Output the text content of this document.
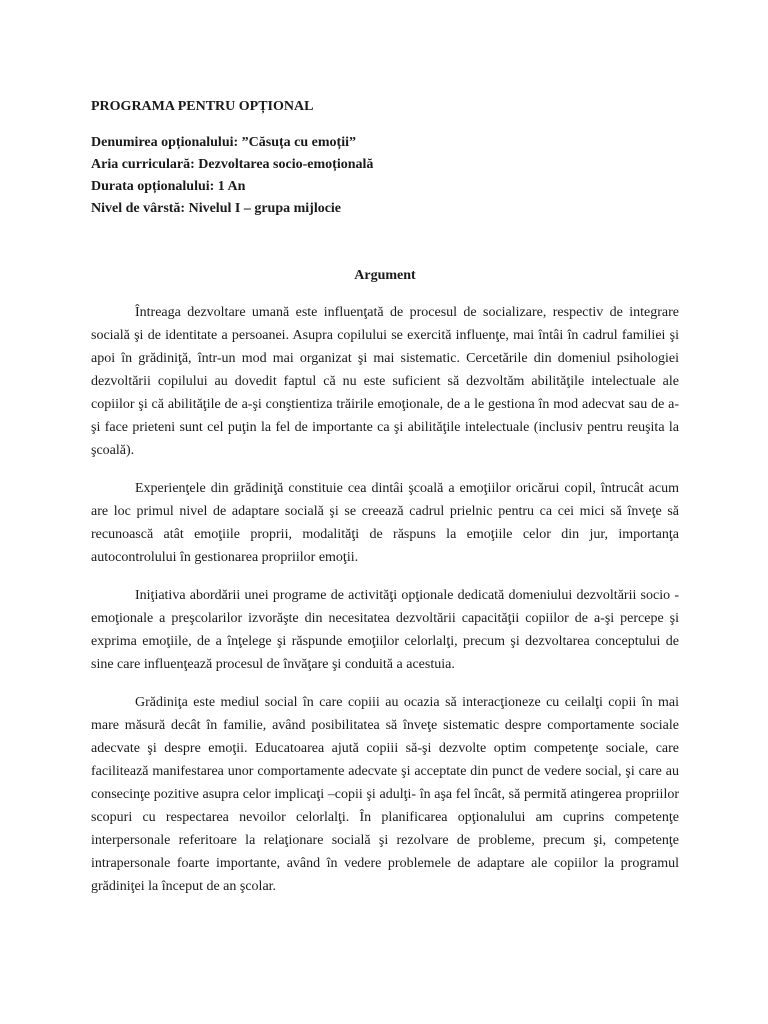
PROGRAMA PENTRU OPȚIONAL

Denumirea opționalului: ”Căsuța cu emoții”

Aria curriculară: Dezvoltarea socio-emoțională

Durata opționalului: 1 An

Nivel de vârstă: Nivelul I – grupa mijlocie

Argument

Întreaga dezvoltare umană este influenţată de procesul de socializare, respectiv de integrare socială şi de identitate a persoanei. Asupra copilului se exercită influenţe, mai întâi în cadrul familiei şi apoi în grădiniţă, într-un mod mai organizat şi mai sistematic. Cercetările din domeniul psihologiei dezvoltării copilului au dovedit faptul că nu este suficient să dezvoltăm abilităţile intelectuale ale copiilor şi că abilităţile de a-şi conştientiza trăirile emoţionale, de a le gestiona în mod adecvat sau de a-şi face prieteni sunt cel puţin la fel de importante ca şi abilităţile intelectuale (inclusiv pentru reuşita la şcoală).

Experienţele din grădiniţă constituie cea dintâi şcoală a emoţiilor oricărui copil, întrucât acum are loc primul nivel de adaptare socială şi se creează cadrul prielnic pentru ca cei mici să înveţe să recunoască atât emoţiile proprii, modalităţi de răspuns la emoţiile celor din jur, importanţa autocontrolului în gestionarea propriilor emoţii.

Iniţiativa abordării unei programe de activităţi opţionale dedicată domeniului dezvoltării socio - emoţionale a preşcolarilor izvorăşte din necesitatea dezvoltării capacităţii copiilor de a-şi percepe şi exprima emoţiile, de a înţelege şi răspunde emoţiilor celorlalţi, precum şi dezvoltarea conceptului de sine care influenţează procesul de învăţare şi conduită a acestuia.

Grădiniţa este mediul social în care copiii au ocazia să interacţioneze cu ceilalţi copii în mai mare măsură decât în familie, având posibilitatea să înveţe sistematic despre comportamente sociale adecvate şi despre emoţii. Educatoarea ajută copiii să-şi dezvolte optim competenţe sociale, care facilitează manifestarea unor comportamente adecvate şi acceptate din punct de vedere social, şi care au consecinţe pozitive asupra celor implicaţi –copii şi adulţi- în aşa fel încât, să permită atingerea propriilor scopuri cu respectarea nevoilor celorlalţi. În planificarea opţionalului am cuprins competenţe interpersonale referitoare la relaţionare socială şi rezolvare de probleme, precum şi, competenţe intrapersonale foarte importante, având în vedere problemele de adaptare ale copiilor la programul grădiniţei la început de an şcolar.
